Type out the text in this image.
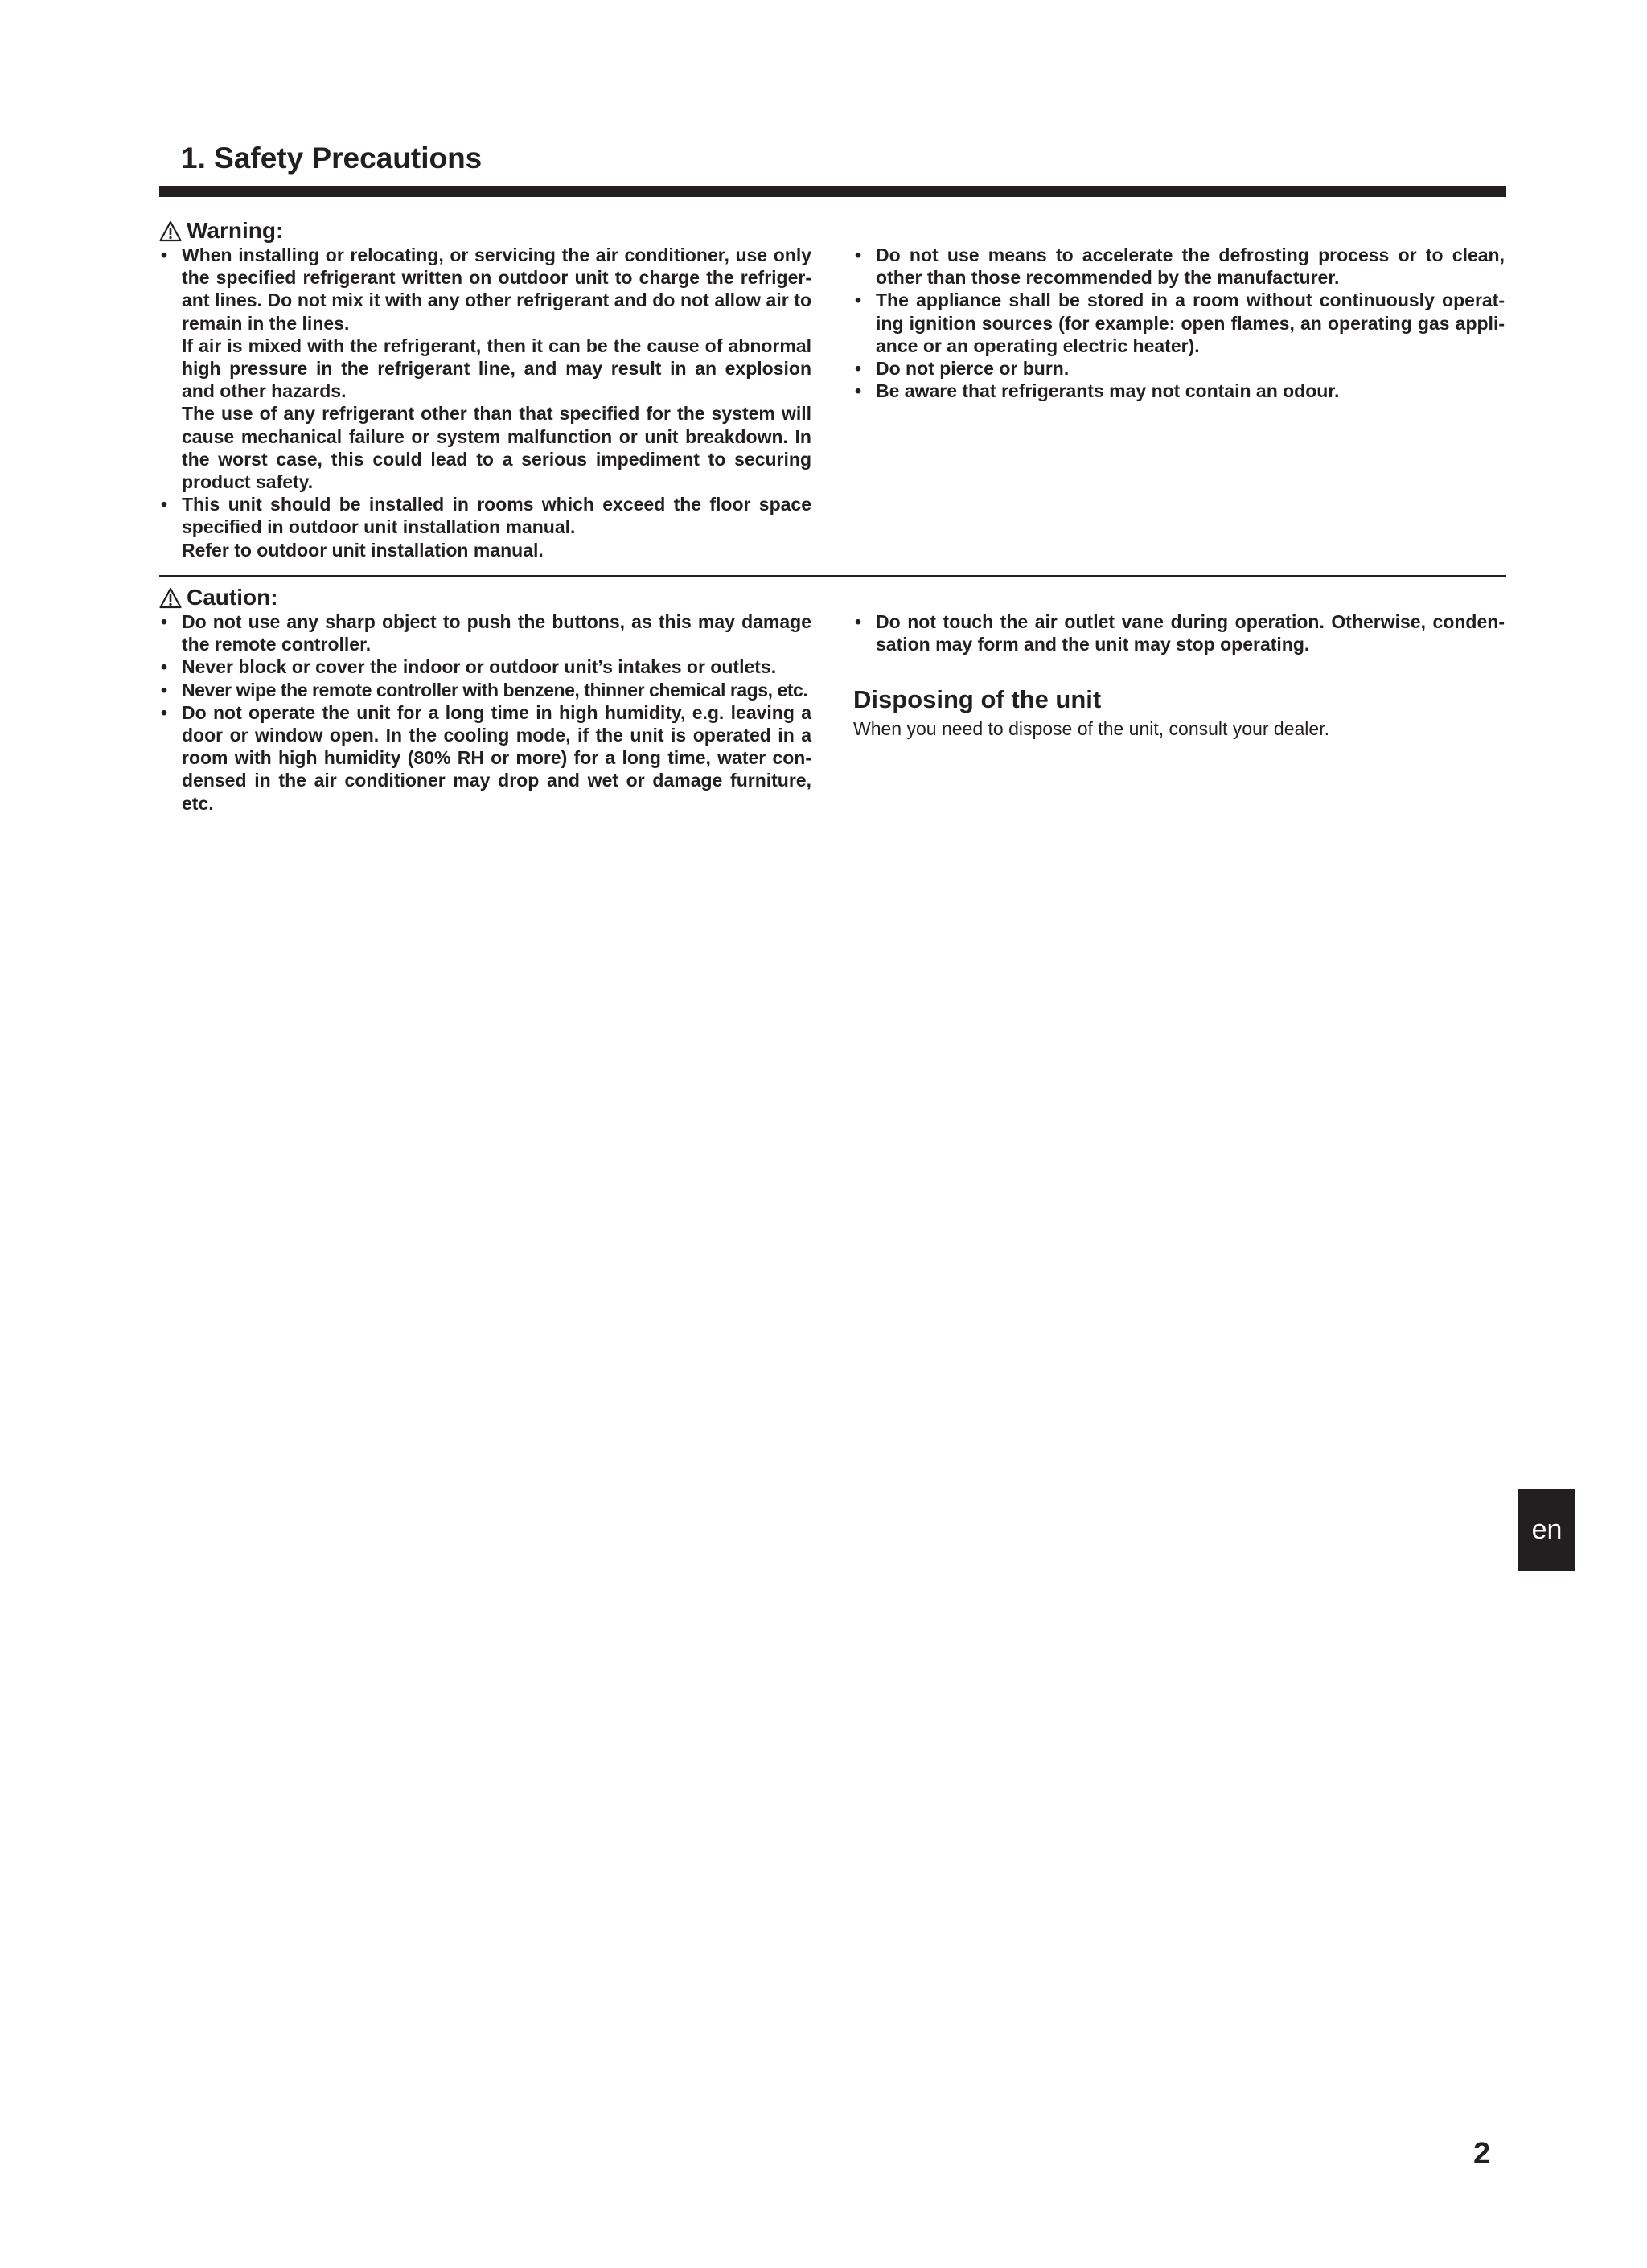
1. Safety Precautions
Warning:

• When installing or relocating, or servicing the air conditioner, use only the specified refrigerant written on outdoor unit to charge the refriger-ant lines. Do not mix it with any other refrigerant and do not allow air to remain in the lines.

If air is mixed with the refrigerant, then it can be the cause of abnormal high pressure in the refrigerant line, and may result in an explosion and other hazards.

The use of any refrigerant other than that specified for the system will cause mechanical failure or system malfunction or unit breakdown. In the worst case, this could lead to a serious impediment to securing product safety.

• This unit should be installed in rooms which exceed the floor space specified in outdoor unit installation manual.

Refer to outdoor unit installation manual.

• Do not use means to accelerate the defrosting process or to clean, other than those recommended by the manufacturer.
• The appliance shall be stored in a room without continuously operat-ing ignition sources (for example: open flames, an operating gas appli-ance or an operating electric heater).
• Do not pierce or burn.
• Be aware that refrigerants may not contain an odour.
Caution:
• Do not use any sharp object to push the buttons, as this may damage the remote controller.
• Never block or cover the indoor or outdoor unit’s intakes or outlets.
• Never wipe the remote controller with benzene, thinner chemical rags, etc.
• Do not operate the unit for a long time in high humidity, e.g. leaving a door or window open. In the cooling mode, if the unit is operated in a room with high humidity (80% RH or more) for a long time, water con-densed in the air conditioner may drop and wet or damage furniture, etc.
• Do not touch the air outlet vane during operation. Otherwise, conden-sation may form and the unit may stop operating.
Disposing of the unit

When you need to dispose of the unit, consult your dealer.

en
2
